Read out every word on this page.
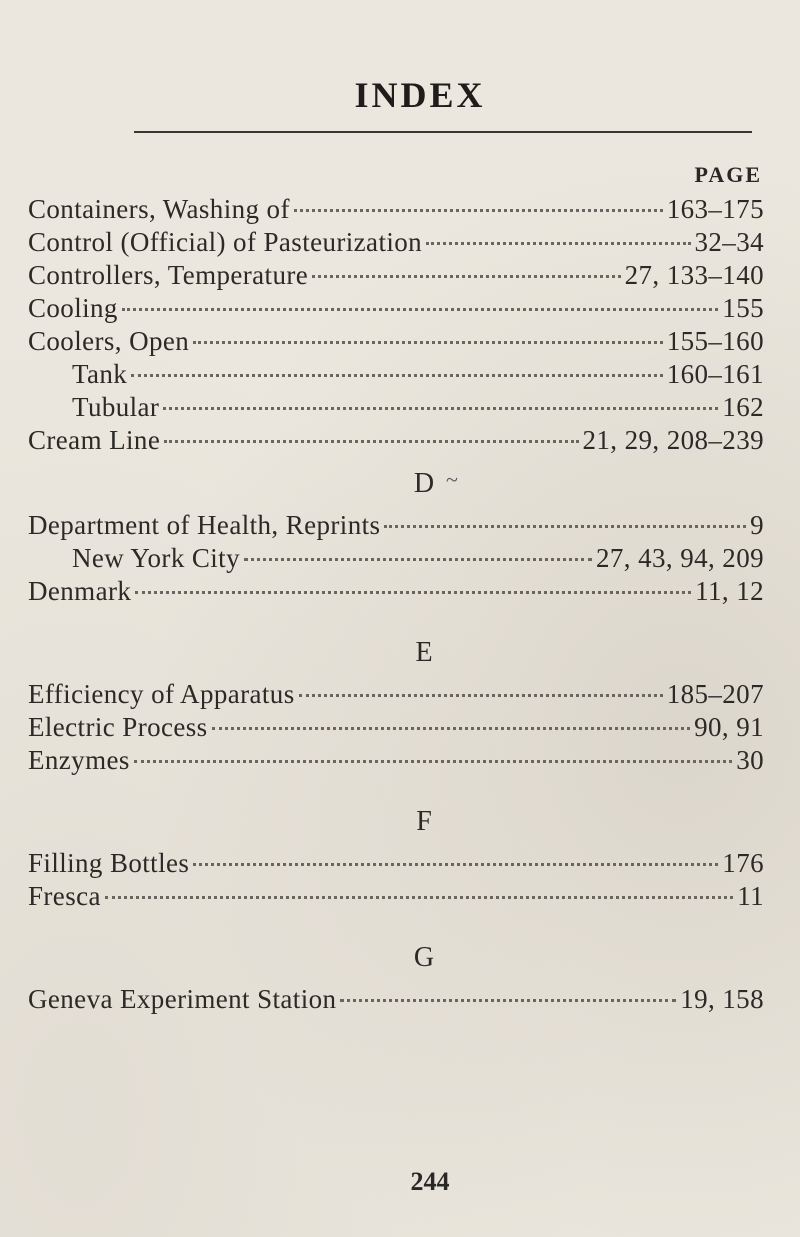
INDEX
PAGE
Containers, Washing of	163–175
Control (Official) of Pasteurization	32–34
Controllers, Temperature	27, 133–140
Cooling	155
Coolers, Open	155–160
Tank	160–161
Tubular	162
Cream Line	21, 29, 208–239
D ~
Department of Health, Reprints	9
New York City	27, 43, 94, 209
Denmark	11, 12
E
Efficiency of Apparatus	185–207
Electric Process	90, 91
Enzymes	30
F
Filling Bottles	176
Fresca	11
G
Geneva Experiment Station	19, 158
244
